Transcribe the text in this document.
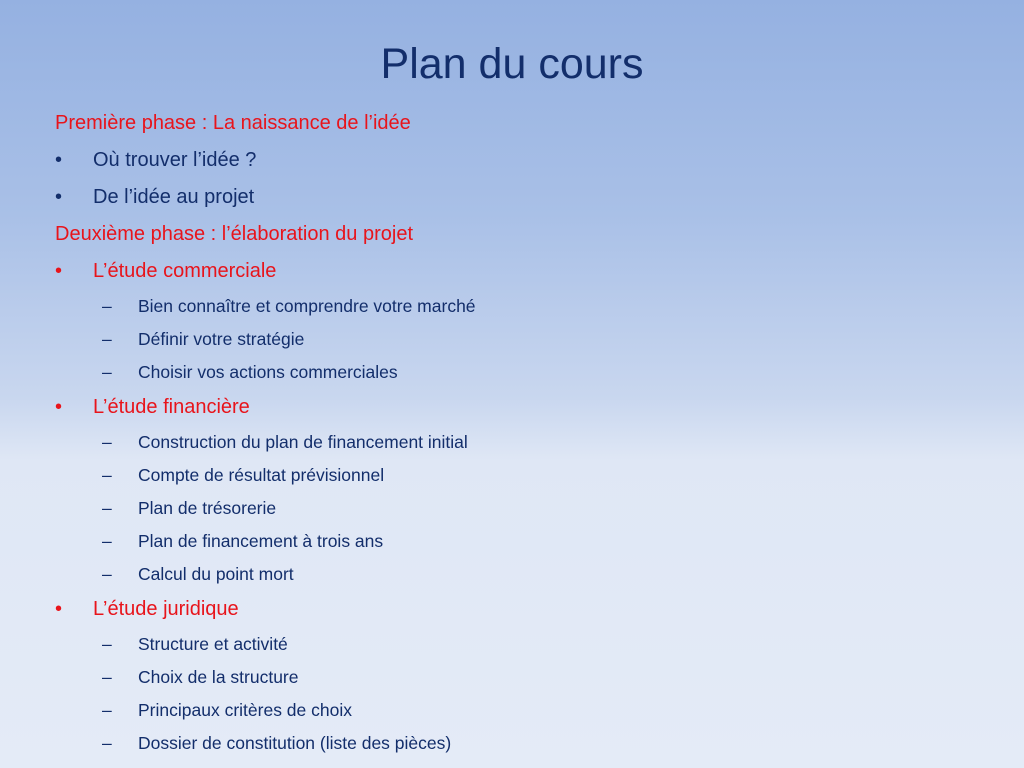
Plan du cours
Première phase : La naissance de l’idée
•	Où trouver l’idée ?
•	De l’idée au projet
Deuxième phase : l’élaboration du projet
•	L’étude commerciale
– Bien connaître et comprendre votre marché
– Définir votre stratégie
– Choisir vos actions commerciales
•	L’étude financière
– Construction du plan de financement initial
– Compte de résultat prévisionnel
– Plan de trésorerie
– Plan de financement à trois ans
– Calcul du point mort
•	L’étude juridique
– Structure et activité
– Choix de la structure
– Principaux critères de choix
– Dossier de constitution (liste des pièces)
